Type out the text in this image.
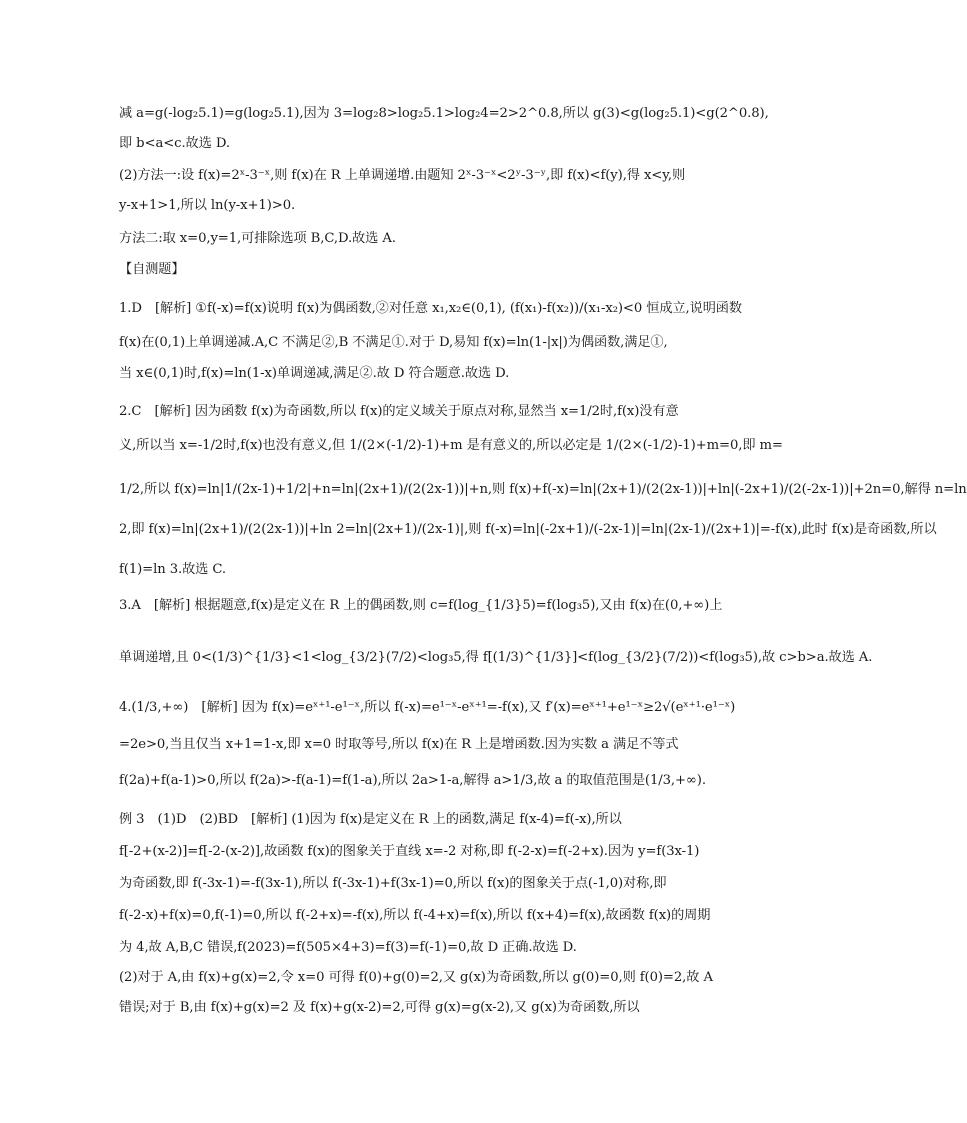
减 a=g(-log₂5.1)=g(log₂5.1),因为 3=log₂8>log₂5.1>log₂4=2>2^0.8,所以 g(3)<g(log₂5.1)<g(2^0.8),
即 b<a<c.故选 D.
(2)方法一:设 f(x)=2ˣ-3⁻ˣ,则 f(x)在 R 上单调递增.由题知 2ˣ-3⁻ˣ<2ʸ-3⁻ʸ,即 f(x)<f(y),得 x<y,则
y-x+1>1,所以 ln(y-x+1)>0.
方法二:取 x=0,y=1,可排除选项 B,C,D.故选 A.
【自测题】
1.D　[解析] ①f(-x)=f(x)说明 f(x)为偶函数,②对任意 x₁,x₂∈(0,1), (f(x₁)-f(x₂))/(x₁-x₂)<0 恒成立,说明函数
f(x)在(0,1)上单调递减.A,C 不满足②,B 不满足①.对于 D,易知 f(x)=ln(1-|x|)为偶函数,满足①,
当 x∈(0,1)时,f(x)=ln(1-x)单调递减,满足②.故 D 符合题意.故选 D.
2.C　[解析] 因为函数 f(x)为奇函数,所以 f(x)的定义域关于原点对称,显然当 x=1/2时,f(x)没有意
义,所以当 x=-1/2时,f(x)也没有意义,但 1/(2×(-1/2)-1)+m 是有意义的,所以必定是 1/(2×(-1/2)-1)+m=0,即 m=
1/2,所以 f(x)=ln|1/(2x-1)+1/2|+n=ln|(2x+1)/(2(2x-1))|+n,则 f(x)+f(-x)=ln|(2x+1)/(2(2x-1))|+ln|(-2x+1)/(2(-2x-1))|+2n=0,解得 n=ln
2,即 f(x)=ln|(2x+1)/(2(2x-1))|+ln 2=ln|(2x+1)/(2x-1)|,则 f(-x)=ln|(-2x+1)/(-2x-1)|=ln|(2x-1)/(2x+1)|=-f(x),此时 f(x)是奇函数,所以
f(1)=ln 3.故选 C.
3.A　[解析] 根据题意,f(x)是定义在 R 上的偶函数,则 c=f(log_{1/3}5)=f(log₃5),又由 f(x)在(0,+∞)上
单调递增,且 0<(1/3)^{1/3}<1<log_{3/2}(7/2)<log₃5,得 f[(1/3)^{1/3}]<f(log_{3/2}(7/2))<f(log₃5),故 c>b>a.故选 A.
4.(1/3,+∞)　[解析] 因为 f(x)=eˣ⁺¹-e¹⁻ˣ,所以 f(-x)=e¹⁻ˣ-eˣ⁺¹=-f(x),又 f′(x)=eˣ⁺¹+e¹⁻ˣ≥2√(eˣ⁺¹·e¹⁻ˣ)
=2e>0,当且仅当 x+1=1-x,即 x=0 时取等号,所以 f(x)在 R 上是增函数.因为实数 a 满足不等式
f(2a)+f(a-1)>0,所以 f(2a)>-f(a-1)=f(1-a),所以 2a>1-a,解得 a>1/3,故 a 的取值范围是(1/3,+∞).
例 3　(1)D　(2)BD　[解析] (1)因为 f(x)是定义在 R 上的函数,满足 f(x-4)=f(-x),所以
f[-2+(x-2)]=f[-2-(x-2)],故函数 f(x)的图象关于直线 x=-2 对称,即 f(-2-x)=f(-2+x).因为 y=f(3x-1)
为奇函数,即 f(-3x-1)=-f(3x-1),所以 f(-3x-1)+f(3x-1)=0,所以 f(x)的图象关于点(-1,0)对称,即
f(-2-x)+f(x)=0,f(-1)=0,所以 f(-2+x)=-f(x),所以 f(-4+x)=f(x),所以 f(x+4)=f(x),故函数 f(x)的周期
为 4,故 A,B,C 错误,f(2023)=f(505×4+3)=f(3)=f(-1)=0,故 D 正确.故选 D.
(2)对于 A,由 f(x)+g(x)=2,令 x=0 可得 f(0)+g(0)=2,又 g(x)为奇函数,所以 g(0)=0,则 f(0)=2,故 A
错误;对于 B,由 f(x)+g(x)=2 及 f(x)+g(x-2)=2,可得 g(x)=g(x-2),又 g(x)为奇函数,所以
